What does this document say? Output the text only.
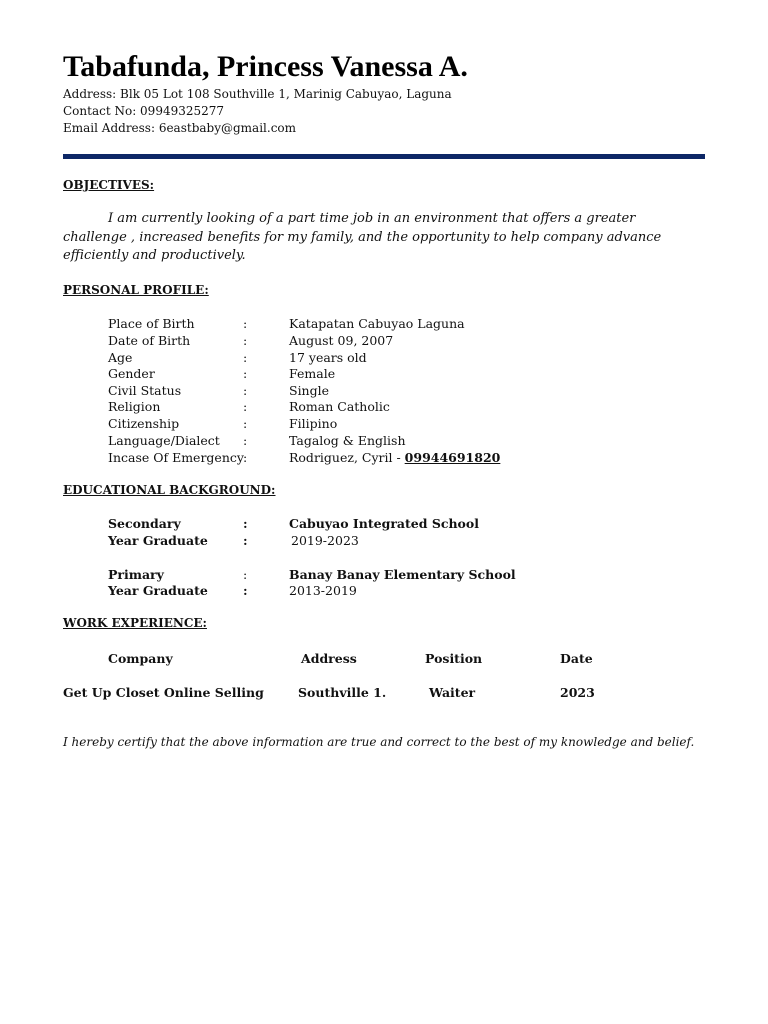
Tabafunda, Princess Vanessa A.
Address: Blk 05 Lot 108 Southville 1, Marinig Cabuyao, Laguna
Contact No: 09949325277
Email Address: 6eastbaby@gmail.com
OBJECTIVES:
I am currently looking of a part time job in an environment that offers a greater challenge , increased benefits for my family, and the opportunity to help company advance efficiently and productively.
PERSONAL PROFILE:
Place of Birth	:	Katapatan Cabuyao Laguna
Date of Birth	:	August 09, 2007
Age	:	17 years old
Gender	:	Female
Civil Status	:	Single
Religion	:	Roman Catholic
Citizenship	:	Filipino
Language/Dialect :	Tagalog & English
Incase Of Emergency :	Rodriguez, Cyril - 09944691820
EDUCATIONAL BACKGROUND:
Secondary	:	Cabuyao Integrated School
Year Graduate	:	2019-2023
Primary	:	Banay Banay Elementary School
Year Graduate	:	2013-2019
WORK EXPERIENCE:
Company	Address	Position	Date
Get Up Closet Online Selling	Southville 1.	Waiter	2023
I hereby certify that the above information are true and correct to the best of my knowledge and belief.
